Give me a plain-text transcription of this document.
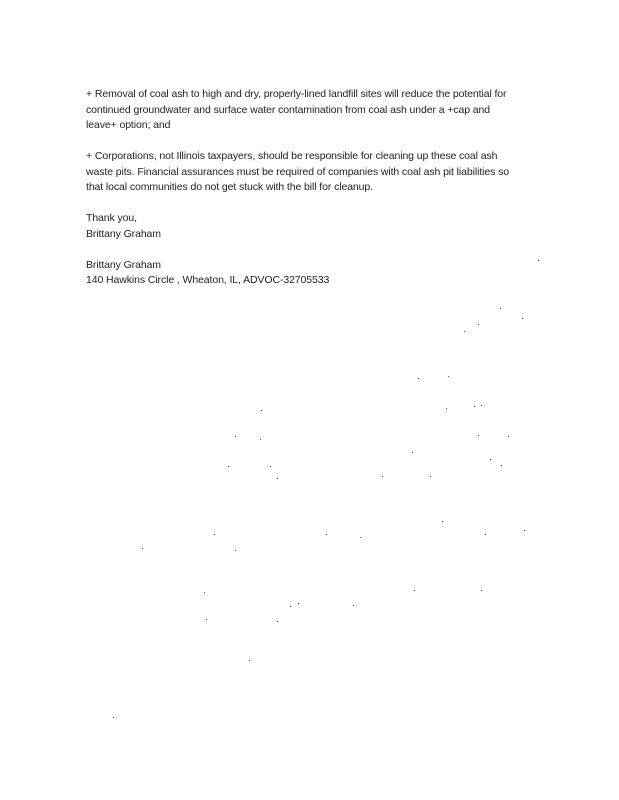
+ Removal of coal ash to high and dry, properly-lined landfill sites will reduce the potential for
continued groundwater and surface water contamination from coal ash under a +cap and
leave+ option; and

+ Corporations, not Illinois taxpayers, should be responsible for cleaning up these coal ash
waste pits. Financial assurances must be required of companies with coal ash pit liabilities so
that local communities do not get stuck with the bill for cleanup.

Thank you,
Brittany Graham

Brittany Graham
140 Hawkins Circle , Wheaton, IL, ADVOC-32705533
